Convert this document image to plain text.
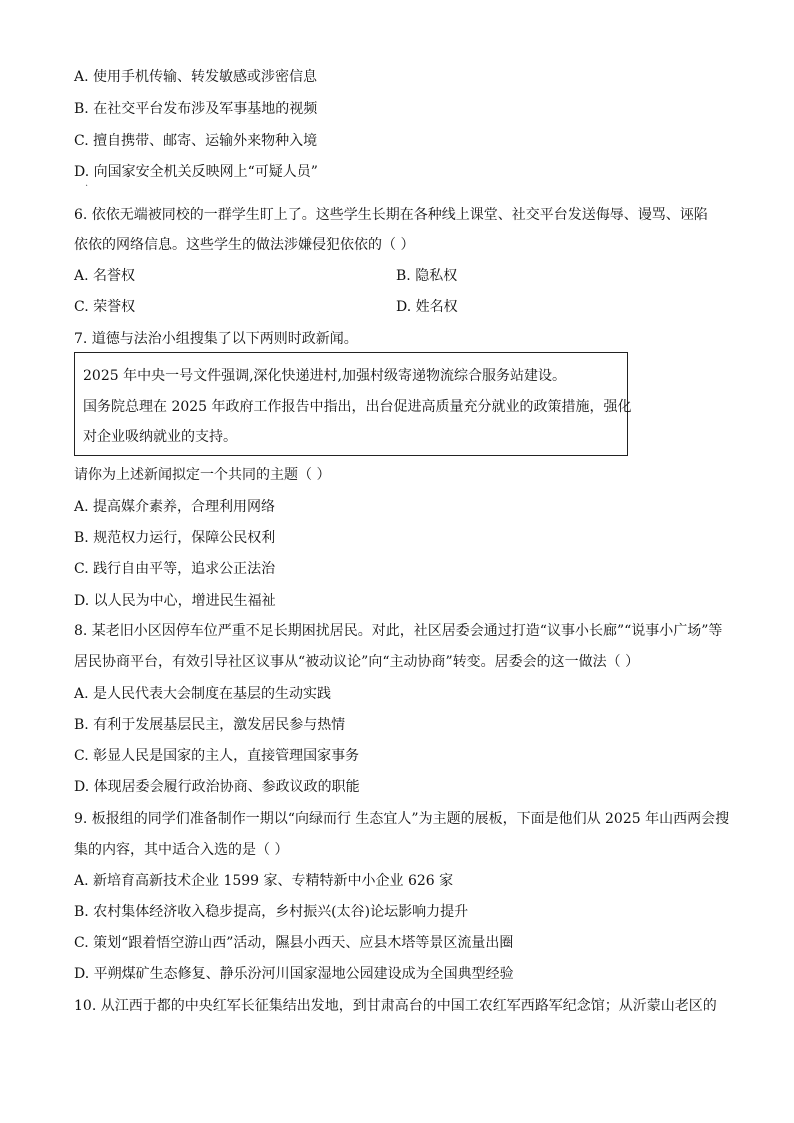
A. 使用手机传输、转发敏感或涉密信息
B. 在社交平台发布涉及军事基地的视频
C. 擅自携带、邮寄、运输外来物种入境
D. 向国家安全机关反映网上“可疑人员”
·
6. 依依无端被同校的一群学生盯上了。这些学生长期在各种线上课堂、社交平台发送侮辱、谩骂、诬陷
依依的网络信息。这些学生的做法涉嫌侵犯依依的（ ）
A. 名誉权	B. 隐私权
C. 荣誉权	D. 姓名权
7. 道德与法治小组搜集了以下两则时政新闻。
2025 年中央一号文件强调,深化快递进村,加强村级寄递物流综合服务站建设。
国务院总理在 2025 年政府工作报告中指出，出台促进高质量充分就业的政策措施，强化
对企业吸纳就业的支持。
请你为上述新闻拟定一个共同的主题（ ）
A. 提高媒介素养，合理利用网络
B. 规范权力运行，保障公民权利
C. 践行自由平等，追求公正法治
D. 以人民为中心，增进民生福祉
8. 某老旧小区因停车位严重不足长期困扰居民。对此，社区居委会通过打造“议事小长廊”“说事小广场”等
居民协商平台，有效引导社区议事从“被动议论”向“主动协商”转变。居委会的这一做法（ ）
A. 是人民代表大会制度在基层的生动实践
B. 有利于发展基层民主，激发居民参与热情
C. 彰显人民是国家的主人，直接管理国家事务
D. 体现居委会履行政治协商、参政议政的职能
9. 板报组的同学们准备制作一期以“向绿而行 生态宜人”为主题的展板，下面是他们从 2025 年山西两会搜
集的内容，其中适合入选的是（ ）
A. 新培育高新技术企业 1599 家、专精特新中小企业 626 家
B. 农村集体经济收入稳步提高，乡村振兴(太谷)论坛影响力提升
C. 策划“跟着悟空游山西”活动，隰县小西天、应县木塔等景区流量出圈
D. 平朔煤矿生态修复、静乐汾河川国家湿地公园建设成为全国典型经验
10. 从江西于都的中央红军长征集结出发地，到甘肃高台的中国工农红军西路军纪念馆；从沂蒙山老区的
